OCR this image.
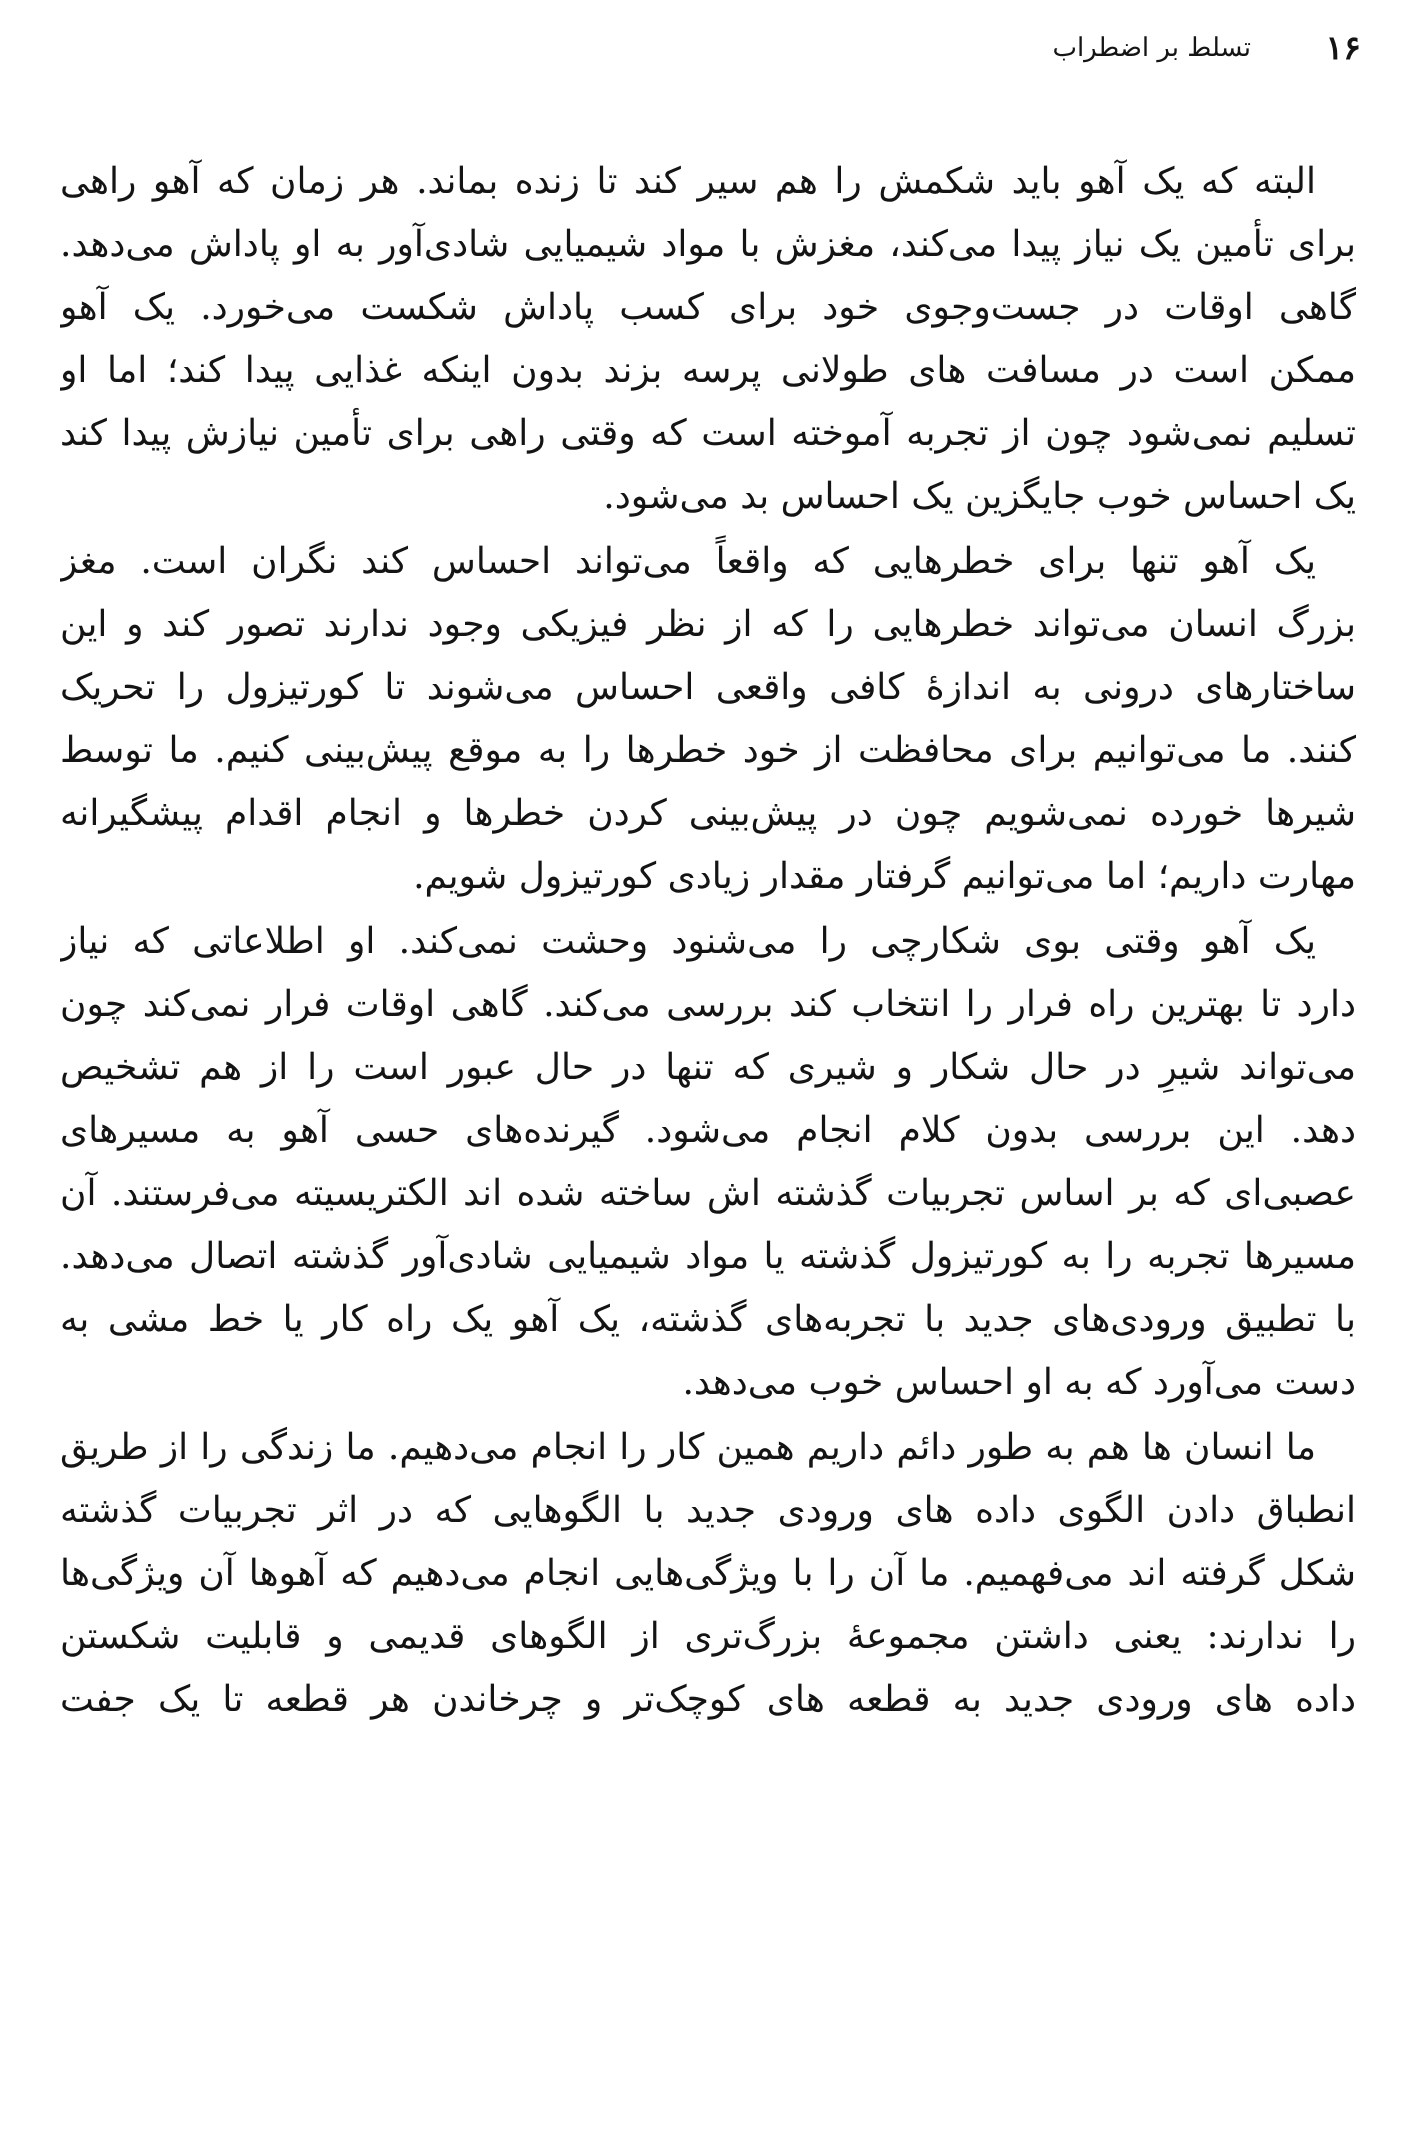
۱۶
تسلط بر اضطراب
البته که یک آهو باید شکمش را هم سیر کند تا زنده بماند. هر زمان که آهو راهی
برای تأمین یک نیاز پیدا می‌کند، مغزش با مواد شیمیایی شادی‌آور به او پاداش می‌دهد.
گاهی اوقات در جست‌وجوی خود برای کسب پاداش شکست می‌خورد. یک آهو
ممکن است در مسافت های طولانی پرسه بزند بدون اینکه غذایی پیدا کند؛ اما او
تسلیم نمی‌شود چون از تجربه آموخته است که وقتی راهی برای تأمین نیازش پیدا کند
یک احساس خوب جایگزین یک احساس بد می‌شود.
یک آهو تنها برای خطرهایی که واقعاً می‌تواند احساس کند نگران است. مغز
بزرگ انسان می‌تواند خطرهایی را که از نظر فیزیکی وجود ندارند تصور کند و این
ساختارهای درونی به اندازهٔ کافی واقعی احساس می‌شوند تا کورتیزول را تحریک
کنند. ما می‌توانیم برای محافظت از خود خطرها را به موقع پیش‌بینی کنیم. ما توسط
شیرها خورده نمی‌شویم چون در پیش‌بینی کردن خطرها و انجام اقدام پیشگیرانه
مهارت داریم؛ اما می‌توانیم گرفتار مقدار زیادی کورتیزول شویم.
یک آهو وقتی بوی شکارچی را می‌شنود وحشت نمی‌کند. او اطلاعاتی که نیاز
دارد تا بهترین راه فرار را انتخاب کند بررسی می‌کند. گاهی اوقات فرار نمی‌کند چون
می‌تواند شیرِ در حال شکار و شیری که تنها در حال عبور است را از هم تشخیص
دهد. این بررسی بدون کلام انجام می‌شود. گیرنده‌های حسی آهو به مسیرهای
عصبی‌ای که بر اساس تجربیات گذشته اش ساخته شده اند الکتریسیته می‌فرستند. آن
مسیرها تجربه را به کورتیزول گذشته یا مواد شیمیایی شادی‌آور گذشته اتصال می‌دهد.
با تطبیق ورودی‌های جدید با تجربه‌های گذشته، یک آهو یک راه کار یا خط مشی به
دست می‌آورد که به او احساس خوب می‌دهد.
ما انسان ها هم به طور دائم داریم همین کار را انجام می‌دهیم. ما زندگی را از طریق
انطباق دادن الگوی داده های ورودی جدید با الگوهایی که در اثر تجربیات گذشته
شکل گرفته اند می‌فهمیم. ما آن را با ویژگی‌هایی انجام می‌دهیم که آهوها آن ویژگی‌ها
را ندارند: یعنی داشتن مجموعهٔ بزرگ‌تری از الگوهای قدیمی و قابلیت شکستن
داده های ورودی جدید به قطعه های کوچک‌تر و چرخاندن هر قطعه تا یک جفت
